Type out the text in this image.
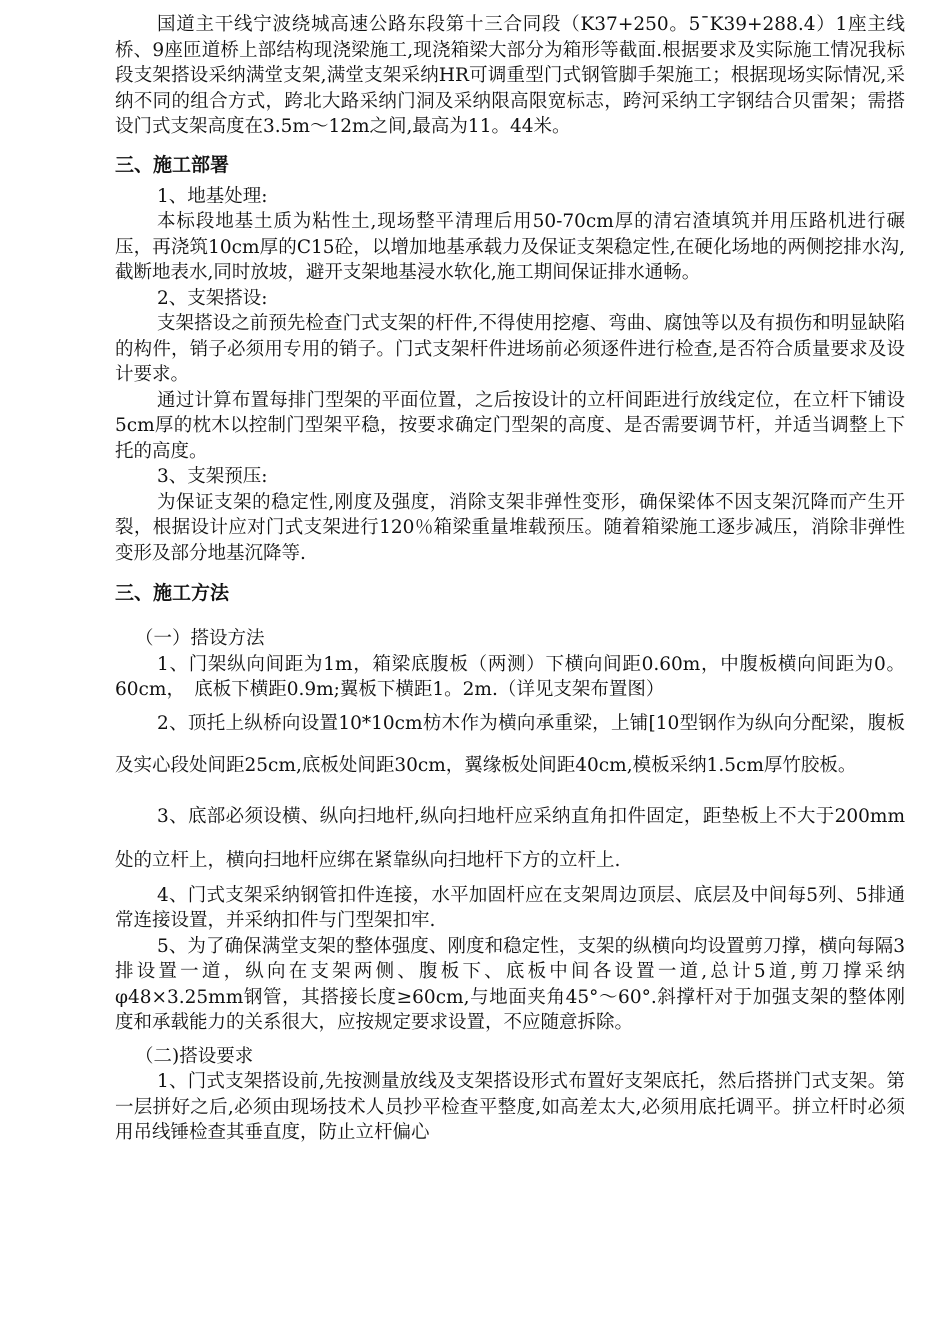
国道主干线宁波绕城高速公路东段第十三合同段（K37+250。5¯K39+288.4）1座主线桥、9座匝道桥上部结构现浇梁施工,现浇箱梁大部分为箱形等截面.根据要求及实际施工情况我标段支架搭设采纳满堂支架,满堂支架采纳HR可调重型门式钢管脚手架施工；根据现场实际情况,采纳不同的组合方式，跨北大路采纳门洞及采纳限高限宽标志，跨河采纳工字钢结合贝雷架；需搭设门式支架高度在3.5m～12m之间,最高为11。44米。

三、施工部署

1、地基处理:

本标段地基土质为粘性土,现场整平清理后用50-70cm厚的清宕渣填筑并用压路机进行碾压，再浇筑10cm厚的C15砼，以增加地基承载力及保证支架稳定性,在硬化场地的两侧挖排水沟,截断地表水,同时放坡，避开支架地基浸水软化,施工期间保证排水通畅。

2、支架搭设:

支架搭设之前预先检查门式支架的杆件,不得使用挖瘪、弯曲、腐蚀等以及有损伤和明显缺陷的构件，销子必须用专用的销子。门式支架杆件进场前必须逐件进行检查,是否符合质量要求及设计要求。

通过计算布置每排门型架的平面位置，之后按设计的立杆间距进行放线定位，在立杆下铺设5cm厚的枕木以控制门型架平稳，按要求确定门型架的高度、是否需要调节杆，并适当调整上下托的高度。

3、支架预压:

为保证支架的稳定性,刚度及强度，消除支架非弹性变形，确保梁体不因支架沉降而产生开裂，根据设计应对门式支架进行120％箱梁重量堆载预压。随着箱梁施工逐步减压，消除非弹性变形及部分地基沉降等.

三、施工方法

（一）搭设方法

1、门架纵向间距为1m，箱梁底腹板（两测）下横向间距0.60m，中腹板横向间距为0。60cm，　底板下横距0.9m;翼板下横距1。2m.（详见支架布置图）

2、顶托上纵桥向设置10*10cm枋木作为横向承重梁，上铺[10型钢作为纵向分配梁，腹板及实心段处间距25cm,底板处间距30cm，翼缘板处间距40cm,模板采纳1.5cm厚竹胶板。

3、底部必须设横、纵向扫地杆,纵向扫地杆应采纳直角扣件固定，距垫板上不大于200mm 处的立杆上，横向扫地杆应绑在紧靠纵向扫地杆下方的立杆上.

4、门式支架采纳钢管扣件连接，水平加固杆应在支架周边顶层、底层及中间每5列、5排通常连接设置，并采纳扣件与门型架扣牢.

5、为了确保满堂支架的整体强度、刚度和稳定性，支架的纵横向均设置剪刀撑，横向每隔3排设置一道，纵向在支架两侧、腹板下、底板中间各设置一道,总计5道,剪刀撑采纳 φ48×3.25mm钢管，其搭接长度≥60cm,与地面夹角45°～60°.斜撑杆对于加强支架的整体刚度和承载能力的关系很大，应按规定要求设置，不应随意拆除。

（二)搭设要求

1、门式支架搭设前,先按测量放线及支架搭设形式布置好支架底托，然后搭拼门式支架。第一层拼好之后,必须由现场技术人员抄平检查平整度,如高差太大,必须用底托调平。拼立杆时必须用吊线锤检查其垂直度，防止立杆偏心
